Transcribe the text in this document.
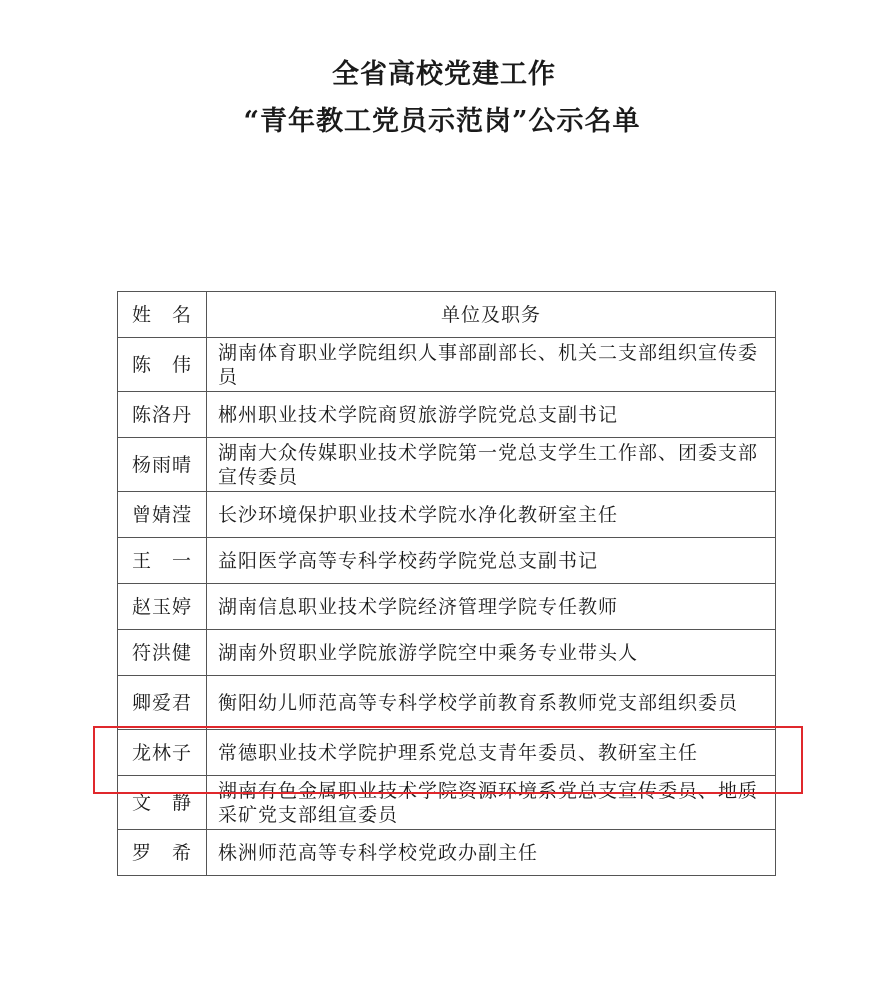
全省高校党建工作
“青年教工党员示范岗”公示名单
姓　名	单位及职务
陈　伟	湖南体育职业学院组织人事部副部长、机关二支部组织宣传委员
陈洛丹	郴州职业技术学院商贸旅游学院党总支副书记
杨雨晴	湖南大众传媒职业技术学院第一党总支学生工作部、团委支部宣传委员
曾婧滢	长沙环境保护职业技术学院水净化教研室主任
王　一	益阳医学高等专科学校药学院党总支副书记
赵玉婷	湖南信息职业技术学院经济管理学院专任教师
符洪健	湖南外贸职业学院旅游学院空中乘务专业带头人
卿爱君	衡阳幼儿师范高等专科学校学前教育系教师党支部组织委员
龙林子	常德职业技术学院护理系党总支青年委员、教研室主任
文　静	湖南有色金属职业技术学院资源环境系党总支宣传委员、地质采矿党支部组宣委员
罗　希	株洲师范高等专科学校党政办副主任
